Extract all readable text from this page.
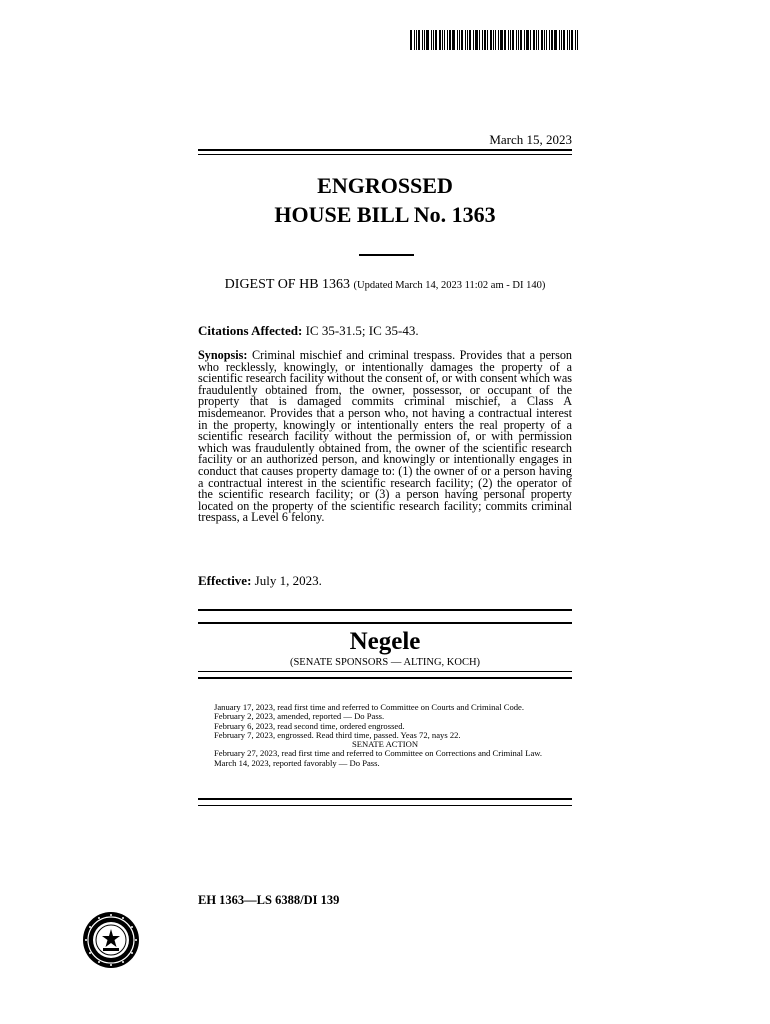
March 15, 2023
ENGROSSED
HOUSE BILL No. 1363
DIGEST OF HB 1363 (Updated March 14, 2023 11:02 am - DI 140)
Citations Affected: IC 35-31.5; IC 35-43.
Synopsis: Criminal mischief and criminal trespass. Provides that a person who recklessly, knowingly, or intentionally damages the property of a scientific research facility without the consent of, or with consent which was fraudulently obtained from, the owner, possessor, or occupant of the property that is damaged commits criminal mischief, a Class A misdemeanor. Provides that a person who, not having a contractual interest in the property, knowingly or intentionally enters the real property of a scientific research facility without the permission of, or with permission which was fraudulently obtained from, the owner of the scientific research facility or an authorized person, and knowingly or intentionally engages in conduct that causes property damage to: (1) the owner of or a person having a contractual interest in the scientific research facility; (2) the operator of the scientific research facility; or (3) a person having personal property located on the property of the scientific research facility; commits criminal trespass, a Level 6 felony.
Effective: July 1, 2023.
Negele
(SENATE SPONSORS — ALTING, KOCH)
January 17, 2023, read first time and referred to Committee on Courts and Criminal Code.
February 2, 2023, amended, reported — Do Pass.
February 6, 2023, read second time, ordered engrossed.
February 7, 2023, engrossed. Read third time, passed. Yeas 72, nays 22.
SENATE ACTION
February 27, 2023, read first time and referred to Committee on Corrections and Criminal Law.
March 14, 2023, reported favorably — Do Pass.
EH 1363—LS 6388/DI 139
